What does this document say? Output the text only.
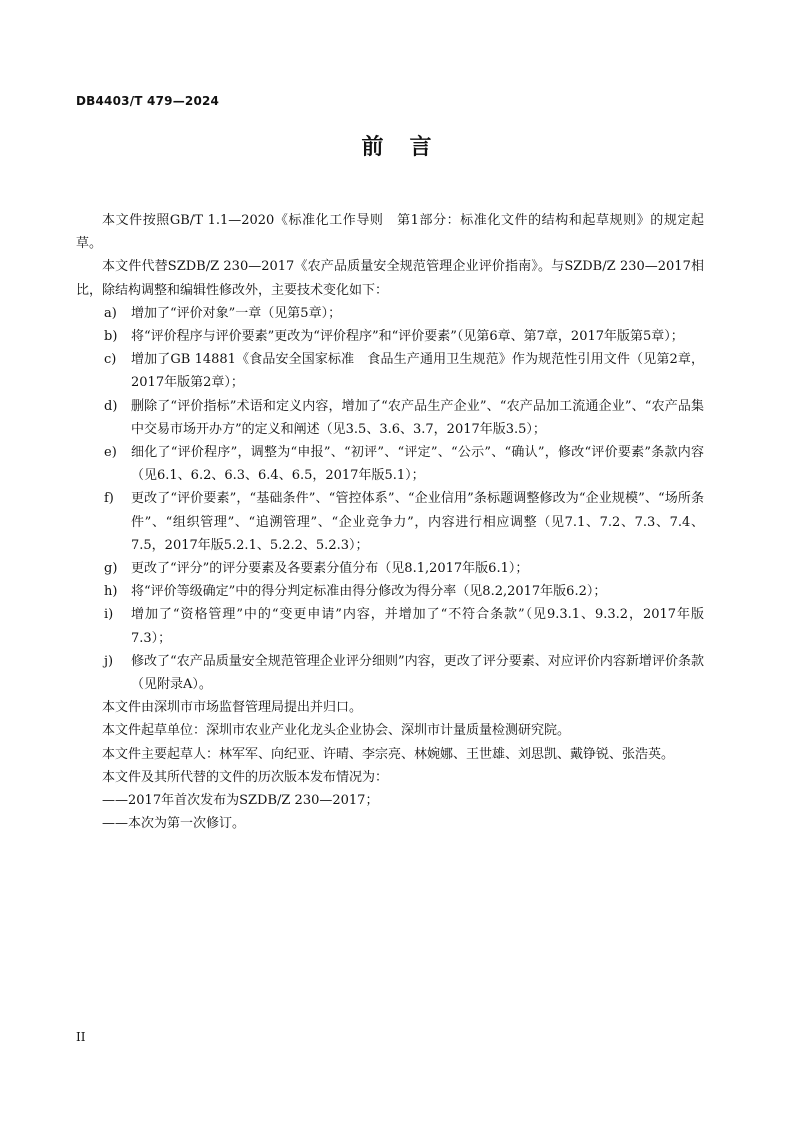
DB4403/T 479—2024
前言

本文件按照GB/T 1.1—2020《标准化工作导则　第1部分：标准化文件的结构和起草规则》的规定起草。

本文件代替SZDB/Z 230—2017《农产品质量安全规范管理企业评价指南》。与SZDB/Z 230—2017相比，除结构调整和编辑性修改外，主要技术变化如下：

a) 增加了“评价对象”一章（见第5章）；
b) 将“评价程序与评价要素”更改为“评价程序”和“评价要素”（见第6章、第7章，2017年版第5章）；
c) 增加了GB 14881《食品安全国家标准　食品生产通用卫生规范》作为规范性引用文件（见第2章，2017年版第2章）；
d) 删除了“评价指标”术语和定义内容，增加了“农产品生产企业”、“农产品加工流通企业”、“农产品集中交易市场开办方”的定义和阐述（见3.5、3.6、3.7，2017年版3.5）；
e) 细化了“评价程序”，调整为“申报”、“初评”、“评定”、“公示”、“确认”，修改“评价要素”条款内容（见6.1、6.2、6.3、6.4、6.5，2017年版5.1）；
f) 更改了“评价要素”，“基础条件”、“管控体系”、“企业信用”条标题调整修改为“企业规模”、“场所条件”、“组织管理”、“追溯管理”、“企业竞争力”，内容进行相应调整（见7.1、7.2、7.3、7.4、7.5，2017年版5.2.1、5.2.2、5.2.3）；
g) 更改了“评分”的评分要素及各要素分值分布（见8.1,2017年版6.1）；
h) 将“评价等级确定”中的得分判定标准由得分修改为得分率（见8.2,2017年版6.2）；
i) 增加了“资格管理”中的“变更申请”内容，并增加了“不符合条款”（见9.3.1、9.3.2，2017年版7.3）；
j) 修改了“农产品质量安全规范管理企业评分细则”内容，更改了评分要素、对应评价内容新增评价条款（见附录A）。

本文件由深圳市市场监督管理局提出并归口。

本文件起草单位：深圳市农业产业化龙头企业协会、深圳市计量质量检测研究院。

本文件主要起草人：林军军、向纪亚、许晴、李宗亮、林婉娜、王世雄、刘思凯、戴铮锐、张浩英。

本文件及其所代替的文件的历次版本发布情况为：

——2017年首次发布为SZDB/Z 230—2017；

——本次为第一次修订。

II
